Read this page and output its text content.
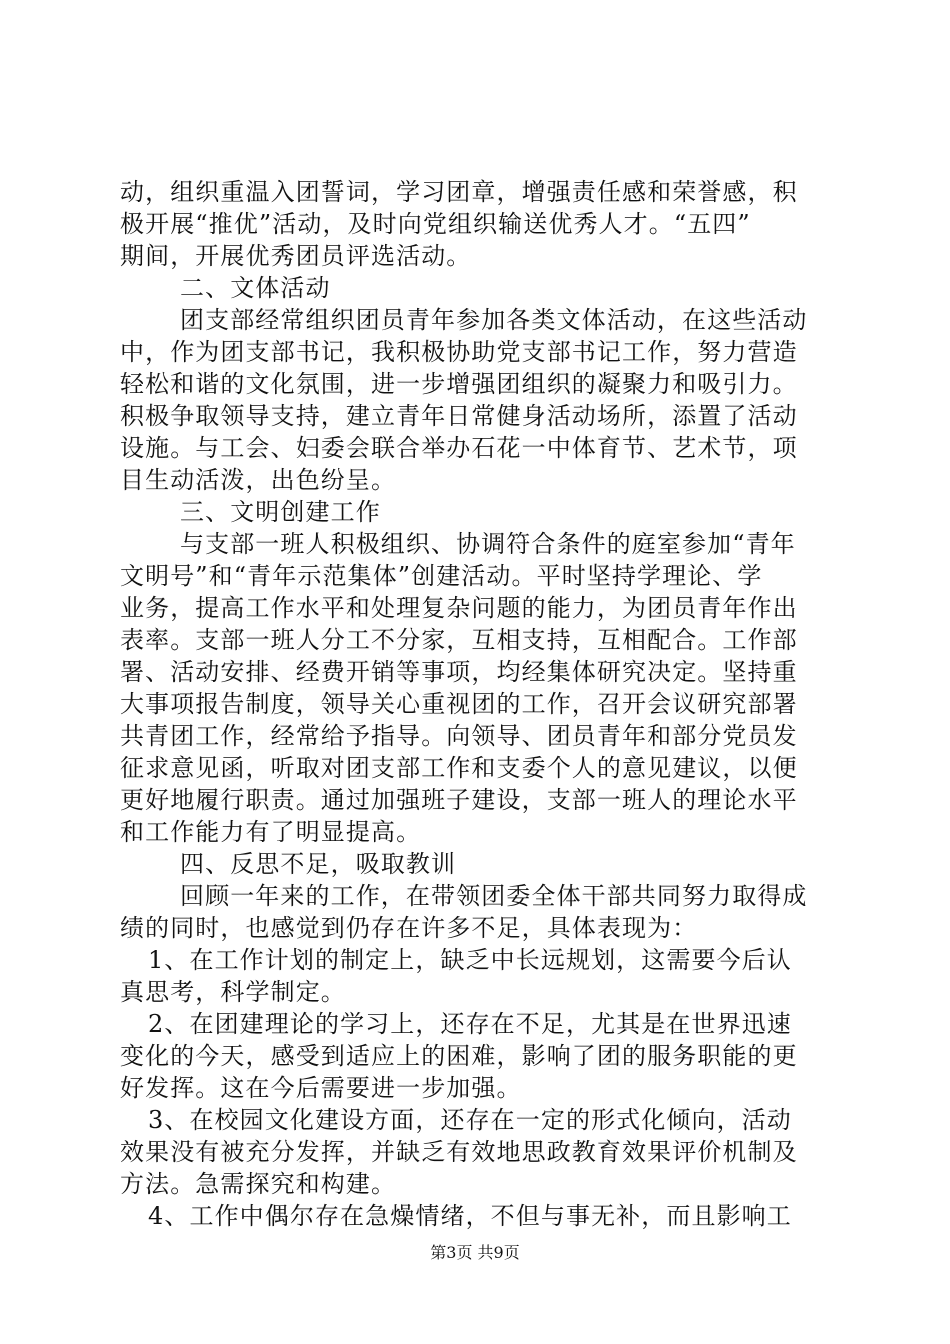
动，组织重温入团誓词，学习团章，增强责任感和荣誉感，积
极开展“推优”活动，及时向党组织输送优秀人才。“五四”
期间，开展优秀团员评选活动。
二、文体活动
团支部经常组织团员青年参加各类文体活动，在这些活动
中，作为团支部书记，我积极协助党支部书记工作，努力营造
轻松和谐的文化氛围，进一步增强团组织的凝聚力和吸引力。
积极争取领导支持，建立青年日常健身活动场所，添置了活动
设施。与工会、妇委会联合举办石花一中体育节、艺术节，项
目生动活泼，出色纷呈。
三、文明创建工作
与支部一班人积极组织、协调符合条件的庭室参加“青年
文明号”和“青年示范集体”创建活动。平时坚持学理论、学
业务，提高工作水平和处理复杂问题的能力，为团员青年作出
表率。支部一班人分工不分家，互相支持，互相配合。工作部
署、活动安排、经费开销等事项，均经集体研究决定。坚持重
大事项报告制度，领导关心重视团的工作，召开会议研究部署
共青团工作，经常给予指导。向领导、团员青年和部分党员发
征求意见函，听取对团支部工作和支委个人的意见建议，以便
更好地履行职责。通过加强班子建设，支部一班人的理论水平
和工作能力有了明显提高。
四、反思不足，吸取教训
回顾一年来的工作，在带领团委全体干部共同努力取得成
绩的同时，也感觉到仍存在许多不足，具体表现为：
1、在工作计划的制定上，缺乏中长远规划，这需要今后认
真思考，科学制定。
2、在团建理论的学习上，还存在不足，尤其是在世界迅速
变化的今天，感受到适应上的困难，影响了团的服务职能的更
好发挥。这在今后需要进一步加强。
3、在校园文化建设方面，还存在一定的形式化倾向，活动
效果没有被充分发挥，并缺乏有效地思政教育效果评价机制及
方法。急需探究和构建。
4、工作中偶尔存在急燥情绪，不但与事无补，而且影响工
第3页 共9页
